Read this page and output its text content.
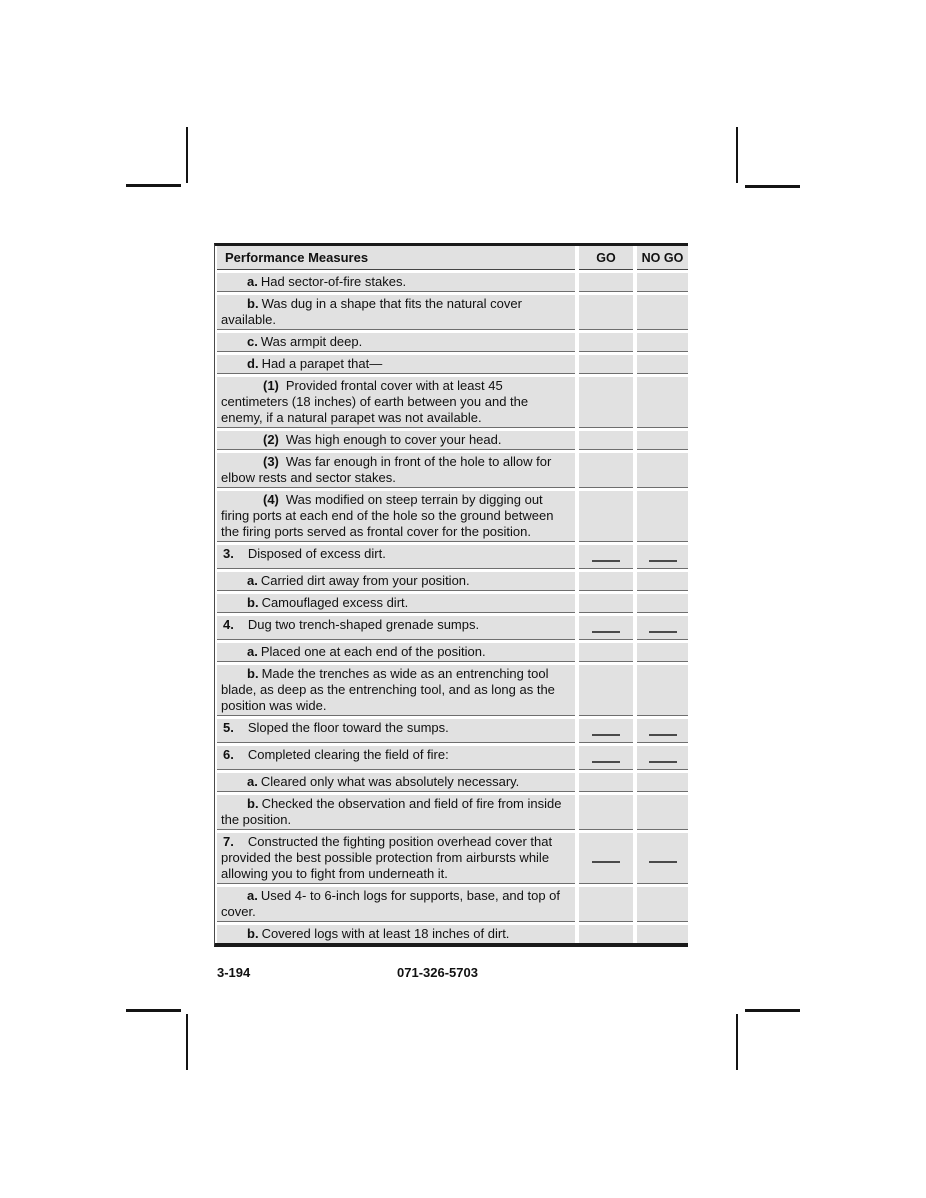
Performance Measures	GO NO GO

a. Had sector-of-fire stakes.

b. Was dug in a shape that fits the natural cover available.

c. Was armpit deep.

d. Had a parapet that—

(1) Provided frontal cover with at least 45 centimeters (18 inches) of earth between you and the enemy, if a natural parapet was not available.

(2) Was high enough to cover your head.

(3) Was far enough in front of the hole to allow for elbow rests and sector stakes.

(4) Was modified on steep terrain by digging out firing ports at each end of the hole so the ground between the firing ports served as frontal cover for the position.

3. Disposed of excess dirt.

a. Carried dirt away from your position.

b. Camouflaged excess dirt.

4. Dug two trench-shaped grenade sumps.

a. Placed one at each end of the position.

b. Made the trenches as wide as an entrenching tool blade, as deep as the entrenching tool, and as long as the position was wide.

5. Sloped the floor toward the sumps.

6. Completed clearing the field of fire:

a. Cleared only what was absolutely necessary.

b. Checked the observation and field of fire from inside the position.

7. Constructed the fighting position overhead cover that provided the best possible protection from airbursts while allowing you to fight from underneath it.

a. Used 4- to 6-inch logs for supports, base, and top of cover.

b. Covered logs with at least 18 inches of dirt.

3-194	071-326-5703
